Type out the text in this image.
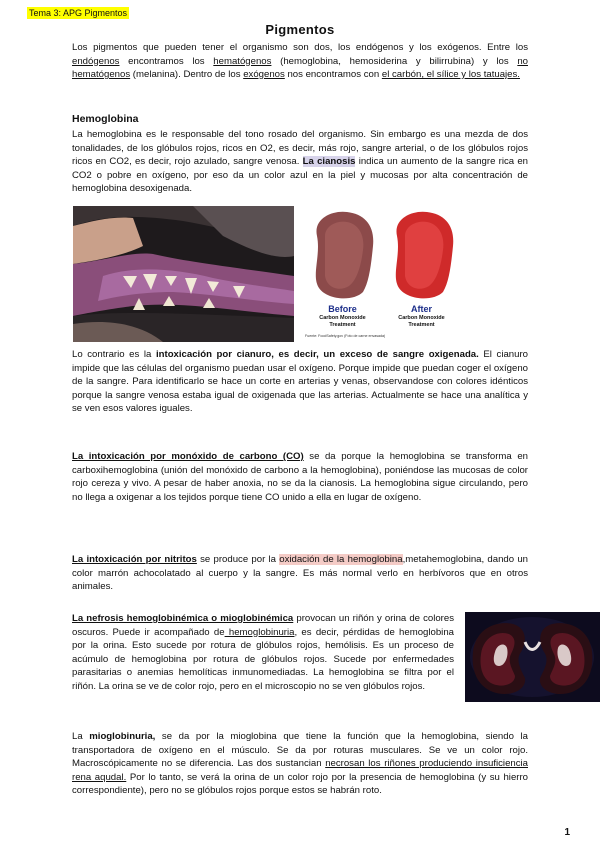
Tema 3: APG Pigmentos
Pigmentos

Los pigmentos que pueden tener el organismo son dos, los endógenos y los exógenos. Entre los endógenos encontramos los hematógenos (hemoglobina, hemosiderina y bilirrubina) y los no hematógenos (melanina). Dentro de los exógenos nos encontramos con el carbón, el sílice y los tatuajes.

Hemoglobina

La hemoglobina es le responsable del tono rosado del organismo. Sin embargo es una mezda de dos tonalidades, de los glóbulos rojos, ricos en O2, es decir, más rojo, sangre arterial, o de los glóbulos rojos ricos en CO2, es decir, rojo azulado, sangre venosa. La cianosis indica un aumento de la sangre rica en CO2 o pobre en oxígeno, por eso da un color azul en la piel y mucosas por alta concentración de hemoglobina desoxigenada.

Before
Carbon Monoxide Treatment
After
Carbon Monoxide Treatment
Fuente: FoodSafety.gov (Foto de carne envasada)

Lo contrario es la intoxicación por cianuro, es decir, un exceso de sangre oxigenada. El cianuro impide que las células del organismo puedan usar el oxígeno. Porque impide que puedan coger el oxígeno de la sangre. Para identificarlo se hace un corte en arterias y venas, observandose con colores idénticos porque la sangre venosa estaba igual de oxigenada que las arterias. Actualmente se hace una analítica y se ven esos valores iguales.

La intoxicación por monóxido de carbono (CO) se da porque la hemoglobina se transforma en carboxihemoglobina (unión del monóxido de carbono a la hemoglobina), poniéndose las mucosas de color rojo cereza y vivo. A pesar de haber anoxia, no se da la cianosis. La hemoglobina sigue circulando, pero no llega a oxigenar a los tejidos porque tiene CO unido a ella en lugar de oxígeno.

La intoxicación por nitritos se produce por la oxidación de la hemoglobina,metahemoglobina, dando un color marrón achocolatado al cuerpo y la sangre. Es más normal verlo en herbívoros que en otros animales.

La nefrosis hemoglobinémica o mioglobinémica provocan un riñón y orina de colores oscuros. Puede ir acompañado de hemoglobinuria, es decir, pérdidas de hemoglobina por la orina. Esto sucede por rotura de glóbulos rojos, hemólisis. Es un proceso de acúmulo de hemoglobina por rotura de glóbulos rojos. Sucede por enfermedades parasitarias o anemias hemolíticas inmunomediadas. La hemoglobina se filtra por el riñón. La orina se ve de color rojo, pero en el microscopio no se ven glóbulos rojos.

La mioglobinuria, se da por la mioglobina que tiene la función que la hemoglobina, siendo la transportadora de oxígeno en el músculo. Se da por roturas musculares. Se ve un color rojo. Macroscópicamente no se diferencia. Las dos sustancian necrosan los riñones produciendo insuficiencia rena aqudal. Por lo tanto, se verá la orina de un color rojo por la presencia de hemoglobina (y su hierro correspondiente), pero no se glóbulos rojos porque estos se habrán roto.

1
